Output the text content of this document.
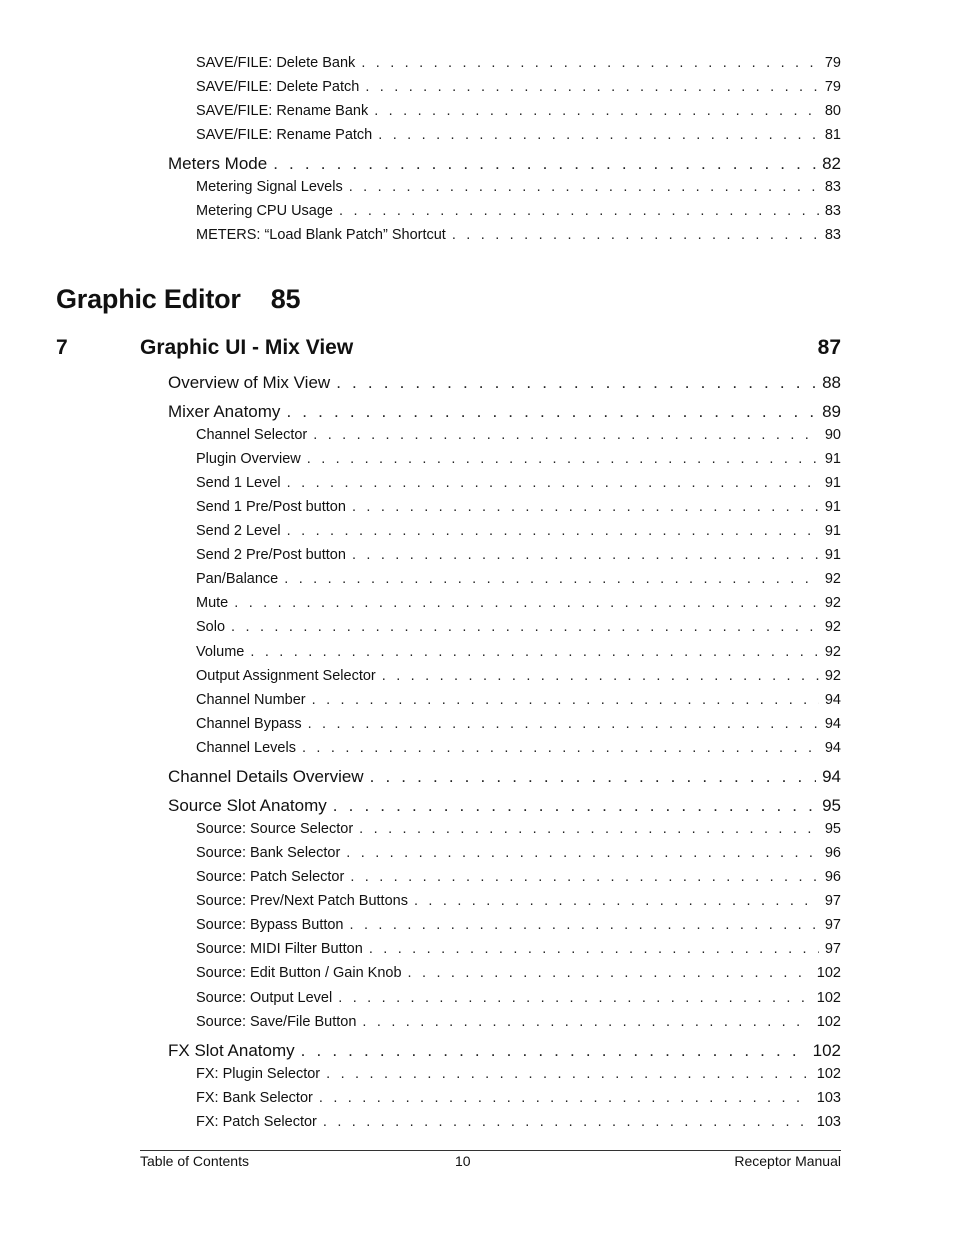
SAVE/FILE: Delete Bank . . .	79
SAVE/FILE: Delete Patch . . .	79
SAVE/FILE: Rename Bank . . .	80
SAVE/FILE: Rename Patch . . .	81
Meters Mode . . .	82
Metering Signal Levels . . .	83
Metering CPU Usage . . .	83
METERS: “Load Blank Patch” Shortcut . . .	83
Graphic Editor 85
7	Graphic UI - Mix View	87
Overview of Mix View . . .	88
Mixer Anatomy . . .	89
Channel Selector . . .	90
Plugin Overview . . .	91
Send 1 Level . . .	91
Send 1 Pre/Post button . . .	91
Send 2 Level . . .	91
Send 2 Pre/Post button . . .	91
Pan/Balance . . .	92
Mute . . .	92
Solo . . .	92
Volume . . .	92
Output Assignment Selector . . .	92
Channel Number . . .	94
Channel Bypass . . .	94
Channel Levels . . .	94
Channel Details Overview . . .	94
Source Slot Anatomy . . .	95
Source: Source Selector . . .	95
Source: Bank Selector . . .	96
Source: Patch Selector . . .	96
Source: Prev/Next Patch Buttons . . .	97
Source: Bypass Button . . .	97
Source: MIDI Filter Button . . .	97
Source: Edit Button / Gain Knob . . .	102
Source: Output Level . . .	102
Source: Save/File Button . . .	102
FX Slot Anatomy . . .	102
FX: Plugin Selector . . .	102
FX: Bank Selector . . .	103
FX: Patch Selector . . .	103
Table of Contents	10	Receptor Manual
